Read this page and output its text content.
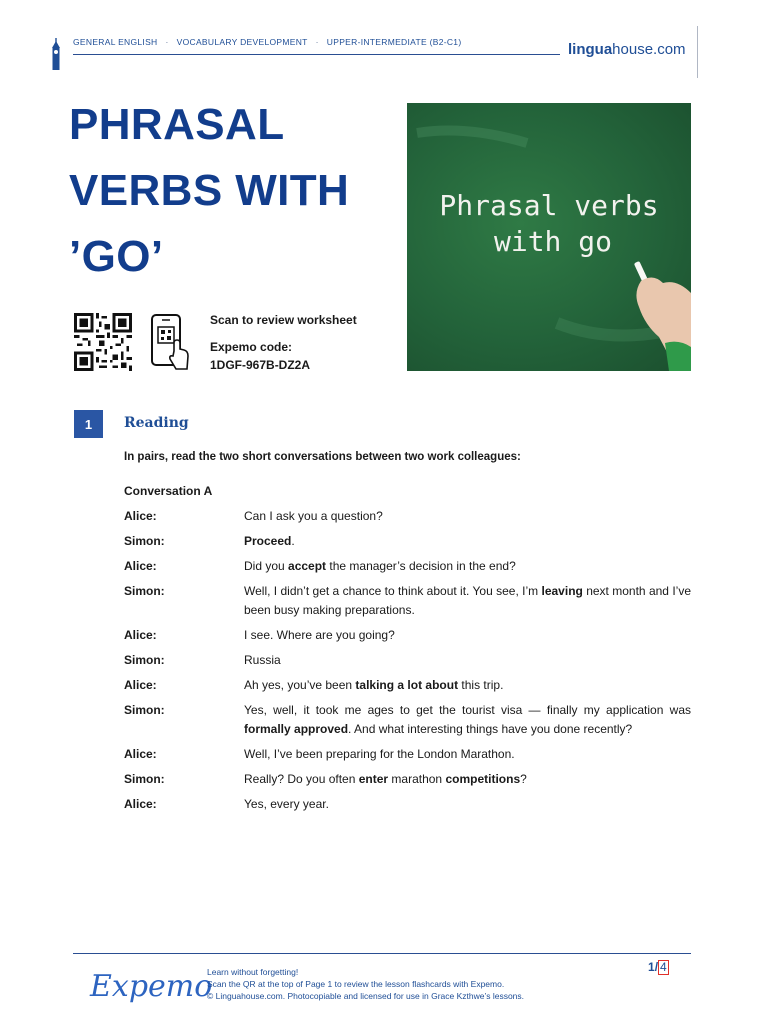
GENERAL ENGLISH · VOCABULARY DEVELOPMENT · UPPER-INTERMEDIATE (B2-C1)	linguahouse.com
PHRASAL
VERBS WITH
’GO’
Phrasal verbs
with go
Scan to review worksheet
Expemo code:
1DGF-967B-DZ2A
1	Reading
In pairs, read the two short conversations between two work colleagues:
Conversation A
Alice:	Can I ask you a question?
Simon:	Proceed.
Alice:	Did you accept the manager’s decision in the end?
Simon:	Well, I didn’t get a chance to think about it. You see, I’m leaving next month and I’ve been busy making preparations.
Alice:	I see. Where are you going?
Simon:	Russia
Alice:	Ah yes, you’ve been talking a lot about this trip.
Simon:	Yes, well, it took me ages to get the tourist visa — finally my application was formally approved. And what interesting things have you done recently?
Alice:	Well, I’ve been preparing for the London Marathon.
Simon:	Really? Do you often enter marathon competitions?
Alice:	Yes, every year.
Expemo
Learn without forgetting!
Scan the QR at the top of Page 1 to review the lesson flashcards with Expemo.
© Linguahouse.com. Photocopiable and licensed for use in Grace Kzthwe’s lessons.
1/ 4
